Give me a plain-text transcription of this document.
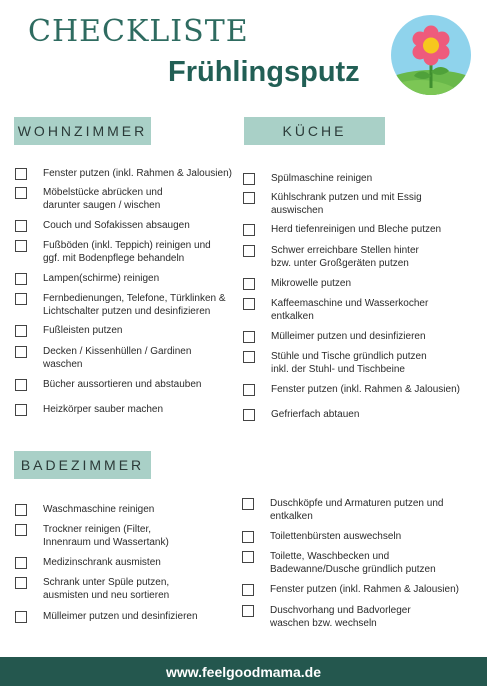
CHECKLISTE
Frühlingsputz
WOHNZIMMER	KÜCHE
BADEZIMMER
Fenster putzen (inkl. Rahmen & Jalousien)
Möbelstücke abrücken und
darunter saugen / wischen
Couch und Sofakissen absaugen
Fußböden (inkl. Teppich) reinigen und
ggf. mit Bodenpflege behandeln
Lampen(schirme) reinigen
Fernbedienungen, Telefone, Türklinken &
Lichtschalter putzen und desinfizieren
Fußleisten putzen
Decken / Kissenhüllen / Gardinen
waschen
Bücher aussortieren und abstauben
Heizkörper sauber machen
Spülmaschine reinigen
Kühlschrank putzen und mit Essig
auswischen
Herd tiefenreinigen und Bleche putzen
Schwer erreichbare Stellen hinter
bzw. unter Großgeräten putzen
Mikrowelle putzen
Kaffeemaschine und Wasserkocher
entkalken
Mülleimer putzen und desinfizieren
Stühle und Tische gründlich putzen
inkl. der Stuhl- und Tischbeine
Fenster putzen (inkl. Rahmen & Jalousien)
Gefrierfach abtauen
Waschmaschine reinigen
Trockner reinigen (Filter,
Innenraum und Wassertank)
Medizinschrank ausmisten
Schrank unter Spüle putzen,
ausmisten und neu sortieren
Mülleimer putzen und desinfizieren
Duschköpfe und Armaturen putzen und
entkalken
Toilettenbürsten auswechseln
Toilette, Waschbecken und
Badewanne/Dusche gründlich putzen
Fenster putzen (inkl. Rahmen & Jalousien)
Duschvorhang und Badvorleger
waschen bzw. wechseln
www.feelgoodmama.de
